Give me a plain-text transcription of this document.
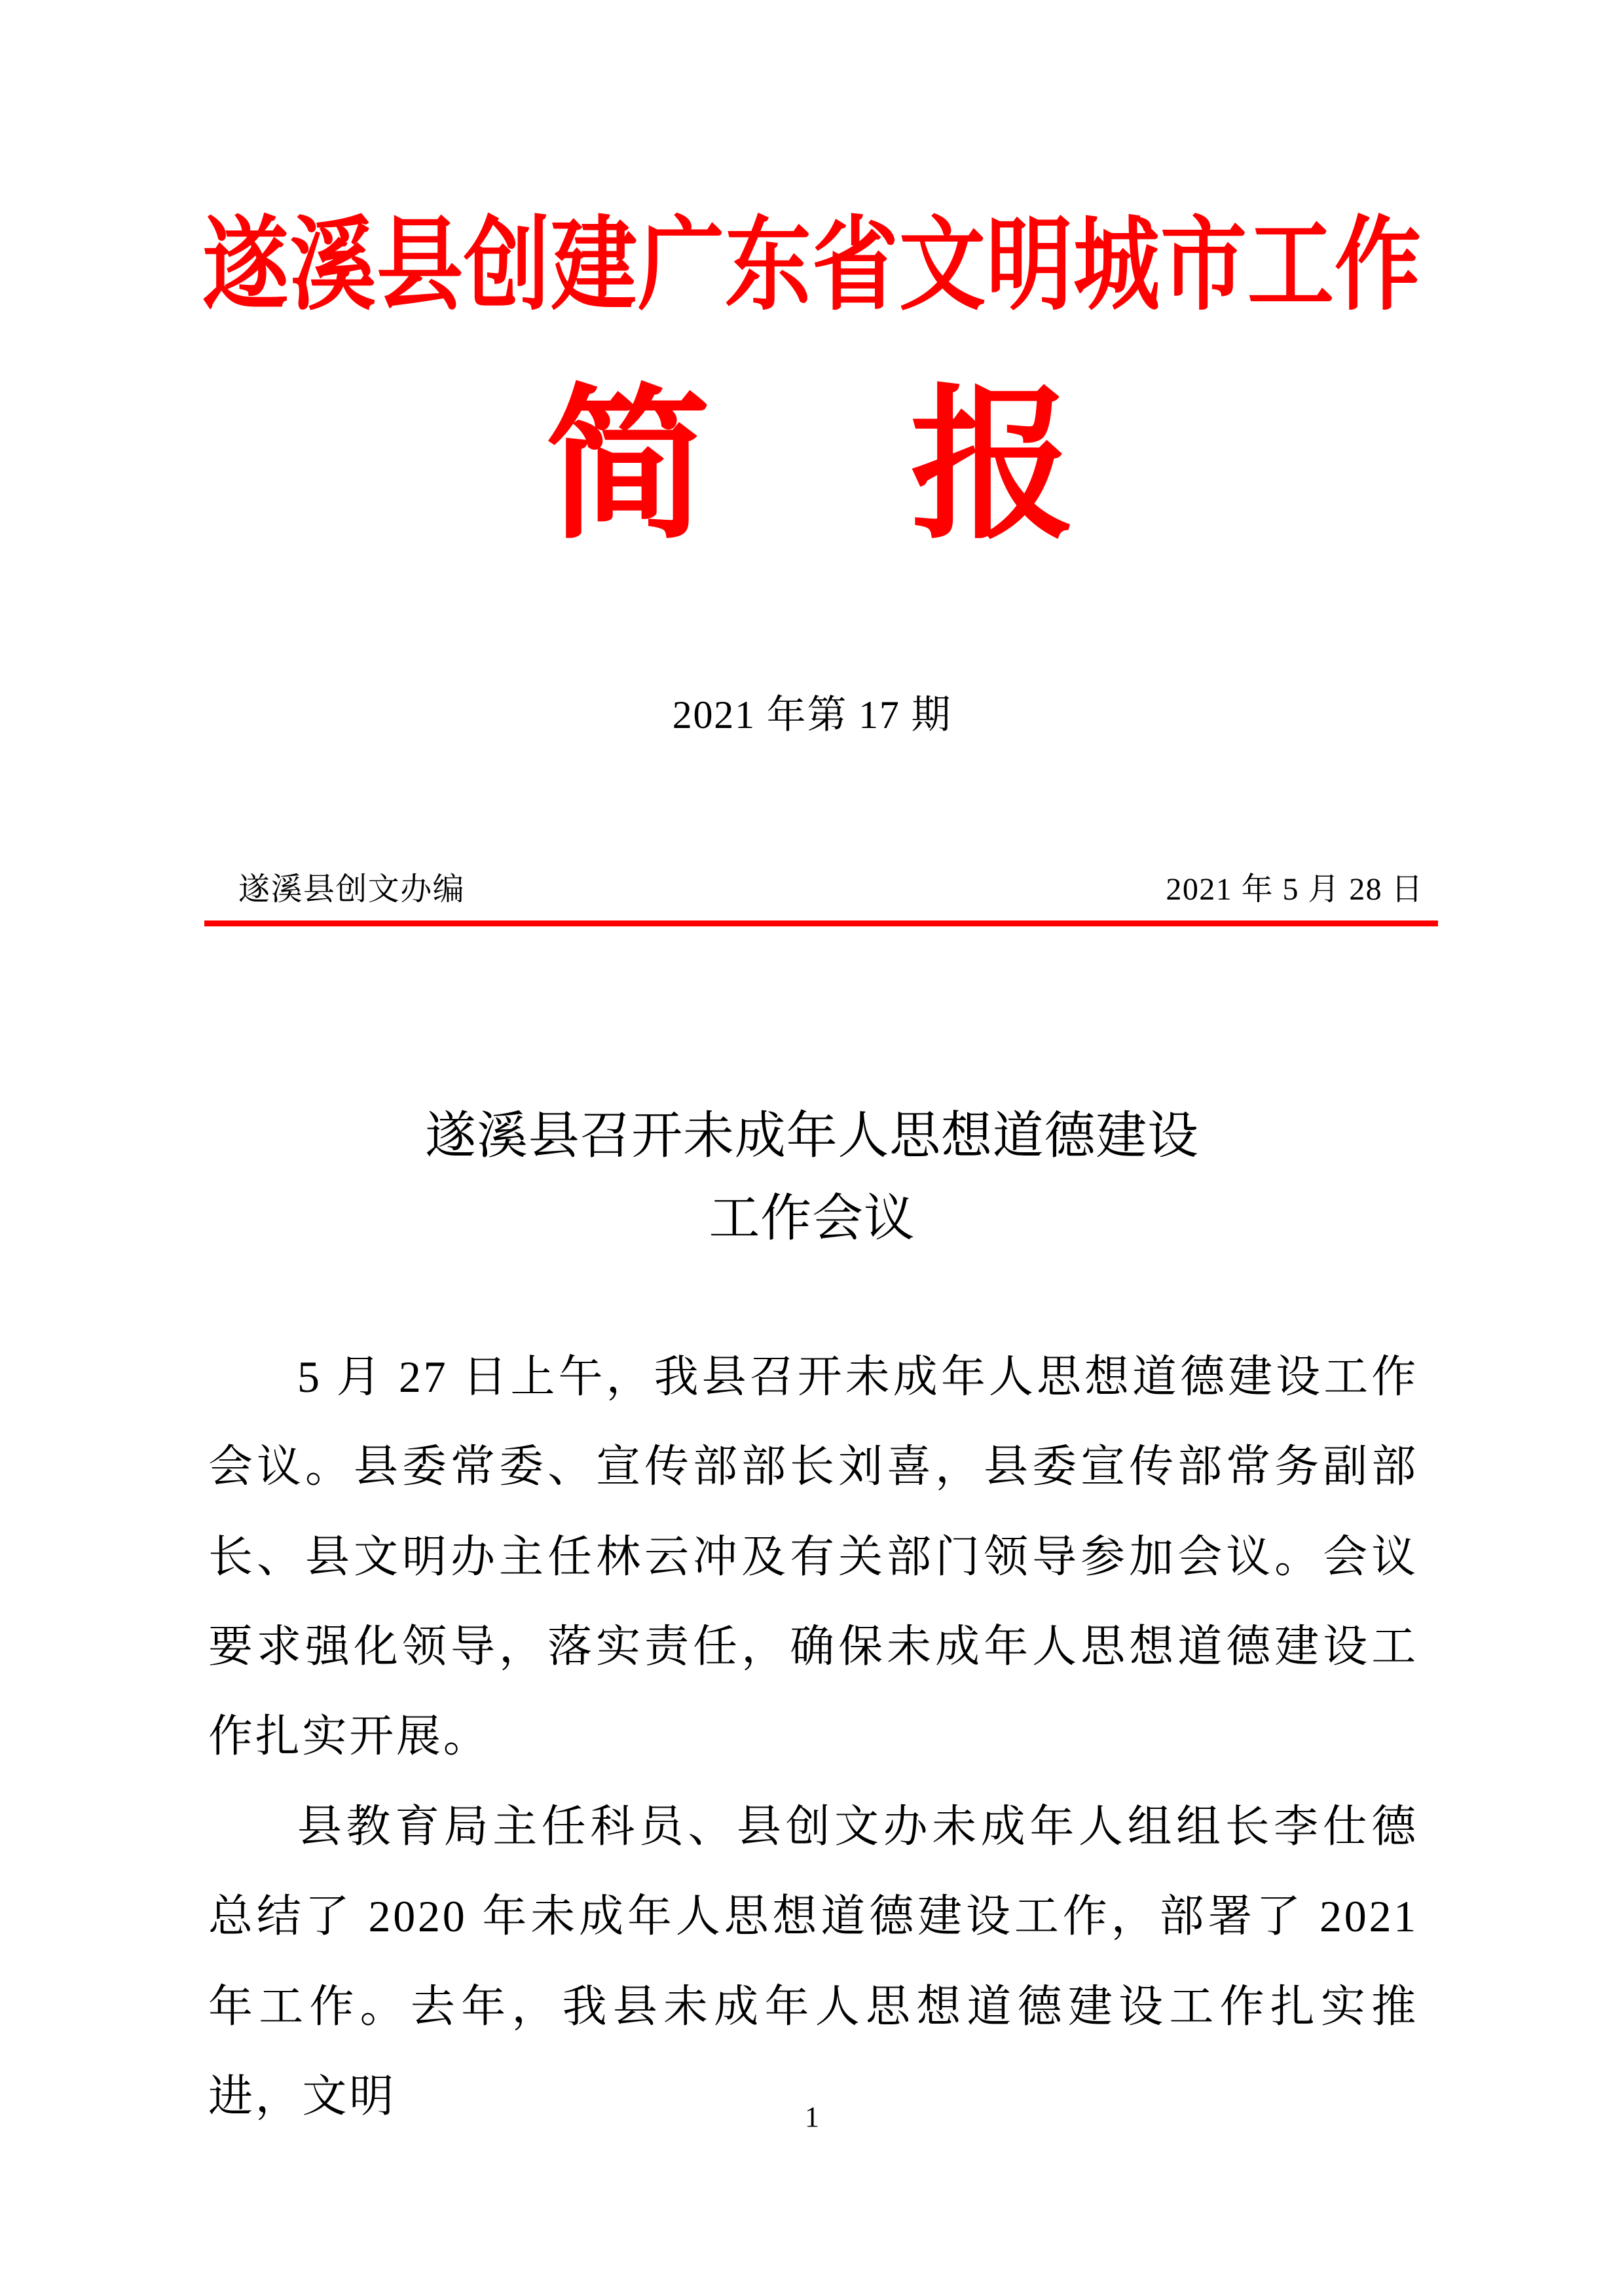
遂溪县创建广东省文明城市工作
简 报
2021 年第 17 期
遂溪县创文办编	2021 年 5 月 28 日
遂溪县召开未成年人思想道德建设
工作会议

5 月 27 日上午，我县召开未成年人思想道德建设工作会议。县委常委、宣传部部长刘喜，县委宣传部常务副部长、县文明办主任林云冲及有关部门领导参加会议。会议要求强化领导，落实责任，确保未成年人思想道德建设工作扎实开展。

县教育局主任科员、县创文办未成年人组组长李仕德总结了 2020 年未成年人思想道德建设工作，部署了 2021 年工作。去年，我县未成年人思想道德建设工作扎实推进，文明	1
